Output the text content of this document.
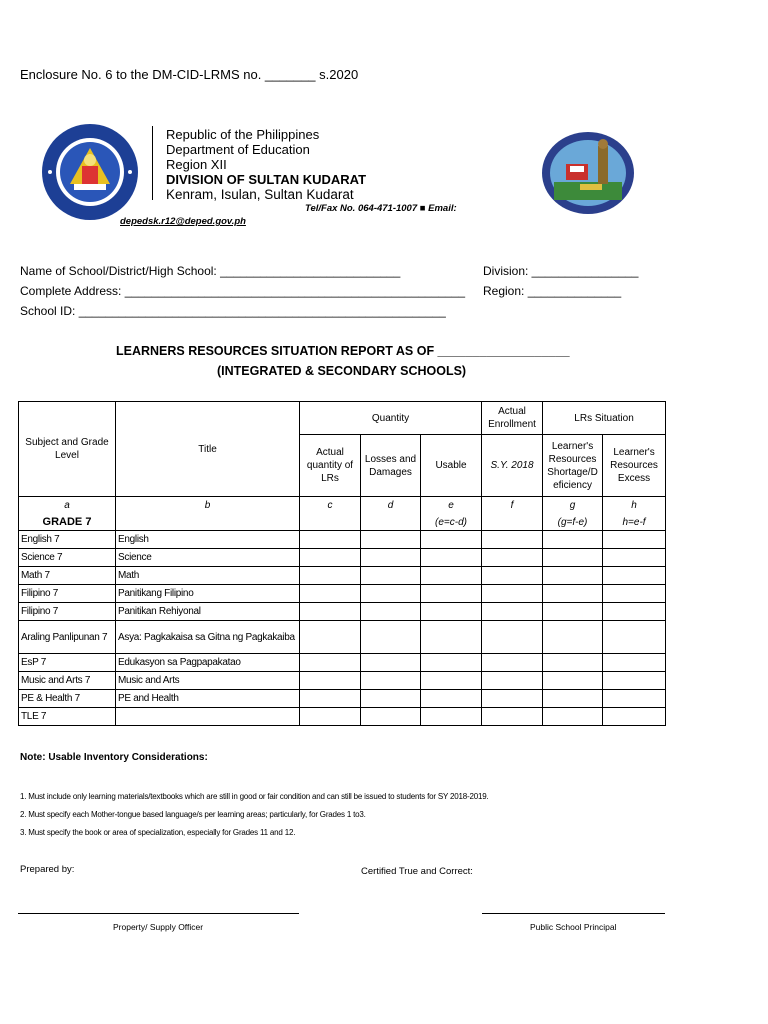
Enclosure No. 6 to the DM-CID-LRMS no. _______ s.2020
Republic of the Philippines
Department of Education
Region XII
DIVISION OF SULTAN KUDARAT
Kenram, Isulan, Sultan Kudarat
Tel/Fax No. 064-471-1007 ■ Email:
depedsk.r12@deped.gov.ph
Name of School/District/High School: ___________________________	Division: ________________
Complete Address: ___________________________________________________ Region: ______________
School ID: _______________________________________________________
LEARNERS RESOURCES SITUATION REPORT AS OF ___________________
(INTEGRATED & SECONDARY SCHOOLS)
Subject and Grade Level	Title	Quantity			Actual Enrollment	LRs Situation	
		Actual quantity of LRs	Losses and Damages	Usable	S.Y. 2018	Learner's Resources Shortage/D eficiency	Learner's Resources Excess
a	b	c	d	e	f	g	h
GRADE 7				(e=c-d)		(g=f-e)	h=e-f
English 7	English						
Science 7	Science						
Math 7	Math						
Filipino 7	Panitikang Filipino						
Filipino 7	Panitikan Rehiyonal						
Araling Panlipunan 7	Asya: Pagkakaisa sa Gitna ng Pagkakaiba						
EsP 7	Edukasyon sa Pagpapakatao						
Music and Arts 7	Music and Arts						
PE & Health 7	PE and Health						
TLE 7							
Note: Usable Inventory Considerations:
1. Must include only learning materials/textbooks which are still in good or fair condition and can still be issued to students for SY 2018-2019.
2. Must specify each Mother-tongue based language/s per learning areas; particularly, for Grades 1 to3.
3. Must specify the book or area of specialization, especially for Grades 11 and 12.
Prepared by:	Certified True and Correct:
Property/ Supply Officer	Public School Principal
